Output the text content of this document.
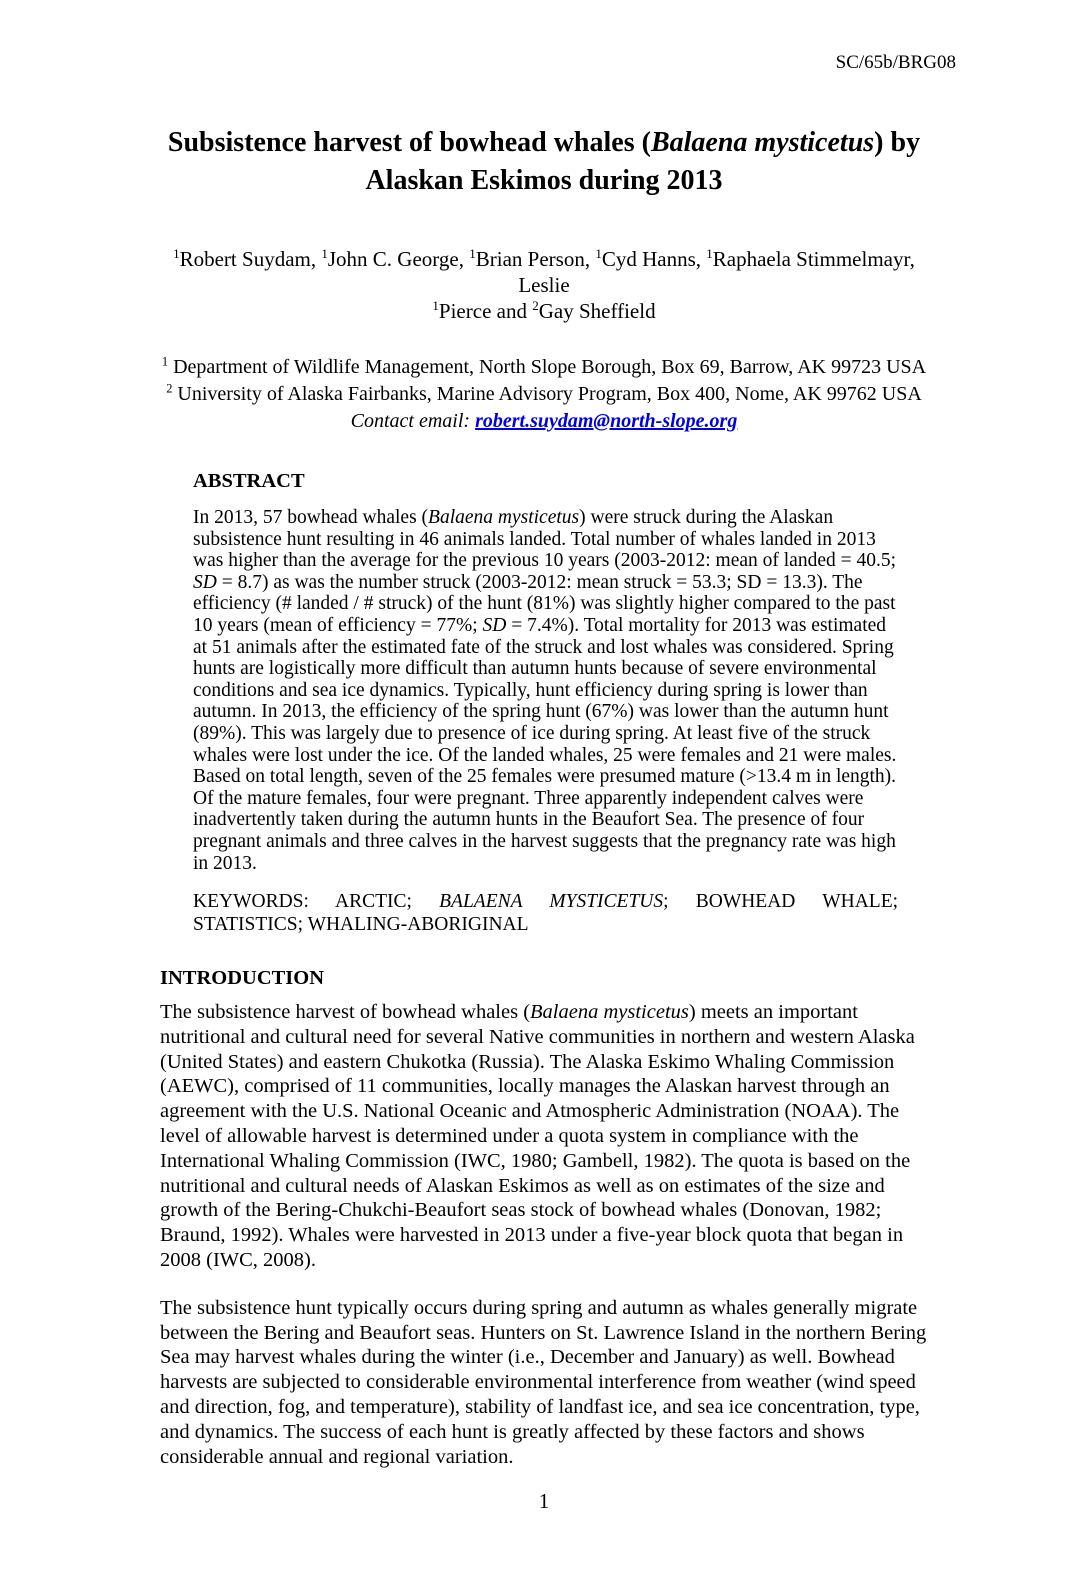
SC/65b/BRG08
Subsistence harvest of bowhead whales (Balaena mysticetus) by
Alaskan Eskimos during 2013
$^1$Robert Suydam, $^1$John C. George, $^1$Brian Person, $^1$Cyd Hanns, $^1$Raphaela Stimmelmayr, Leslie
$^1$Pierce and $^2$Gay Sheffield
$^1$ Department of Wildlife Management, North Slope Borough, Box 69, Barrow, AK 99723 USA
$^2$ University of Alaska Fairbanks, Marine Advisory Program, Box 400, Nome, AK 99762 USA
Contact email: robert.suydam@north-slope.org
ABSTRACT

In 2013, 57 bowhead whales (Balaena mysticetus) were struck during the Alaskan subsistence hunt resulting in 46 animals landed. Total number of whales landed in 2013 was higher than the average for the previous 10 years (2003-2012: mean of landed = 40.5; SD = 8.7) as was the number struck (2003-2012: mean struck = 53.3; SD = 13.3). The efficiency (# landed / # struck) of the hunt (81%) was slightly higher compared to the past 10 years (mean of efficiency = 77%; SD = 7.4%). Total mortality for 2013 was estimated at 51 animals after the estimated fate of the struck and lost whales was considered. Spring hunts are logistically more difficult than autumn hunts because of severe environmental conditions and sea ice dynamics. Typically, hunt efficiency during spring is lower than autumn. In 2013, the efficiency of the spring hunt (67%) was lower than the autumn hunt (89%). This was largely due to presence of ice during spring. At least five of the struck whales were lost under the ice. Of the landed whales, 25 were females and 21 were males. Based on total length, seven of the 25 females were presumed mature (>13.4 m in length). Of the mature females, four were pregnant. Three apparently independent calves were inadvertently taken during the autumn hunts in the Beaufort Sea. The presence of four pregnant animals and three calves in the harvest suggests that the pregnancy rate was high in 2013.

KEYWORDS: ARCTIC; BALAENA MYSTICETUS; BOWHEAD WHALE; STATISTICS; WHALING-ABORIGINAL

INTRODUCTION

The subsistence harvest of bowhead whales (Balaena mysticetus) meets an important nutritional and cultural need for several Native communities in northern and western Alaska (United States) and eastern Chukotka (Russia). The Alaska Eskimo Whaling Commission (AEWC), comprised of 11 communities, locally manages the Alaskan harvest through an agreement with the U.S. National Oceanic and Atmospheric Administration (NOAA). The level of allowable harvest is determined under a quota system in compliance with the International Whaling Commission (IWC, 1980; Gambell, 1982). The quota is based on the nutritional and cultural needs of Alaskan Eskimos as well as on estimates of the size and growth of the Bering-Chukchi-Beaufort seas stock of bowhead whales (Donovan, 1982; Braund, 1992). Whales were harvested in 2013 under a five-year block quota that began in 2008 (IWC, 2008).

The subsistence hunt typically occurs during spring and autumn as whales generally migrate between the Bering and Beaufort seas. Hunters on St. Lawrence Island in the northern Bering Sea may harvest whales during the winter (i.e., December and January) as well. Bowhead harvests are subjected to considerable environmental interference from weather (wind speed and direction, fog, and temperature), stability of landfast ice, and sea ice concentration, type, and dynamics. The success of each hunt is greatly affected by these factors and shows considerable annual and regional variation.

1
